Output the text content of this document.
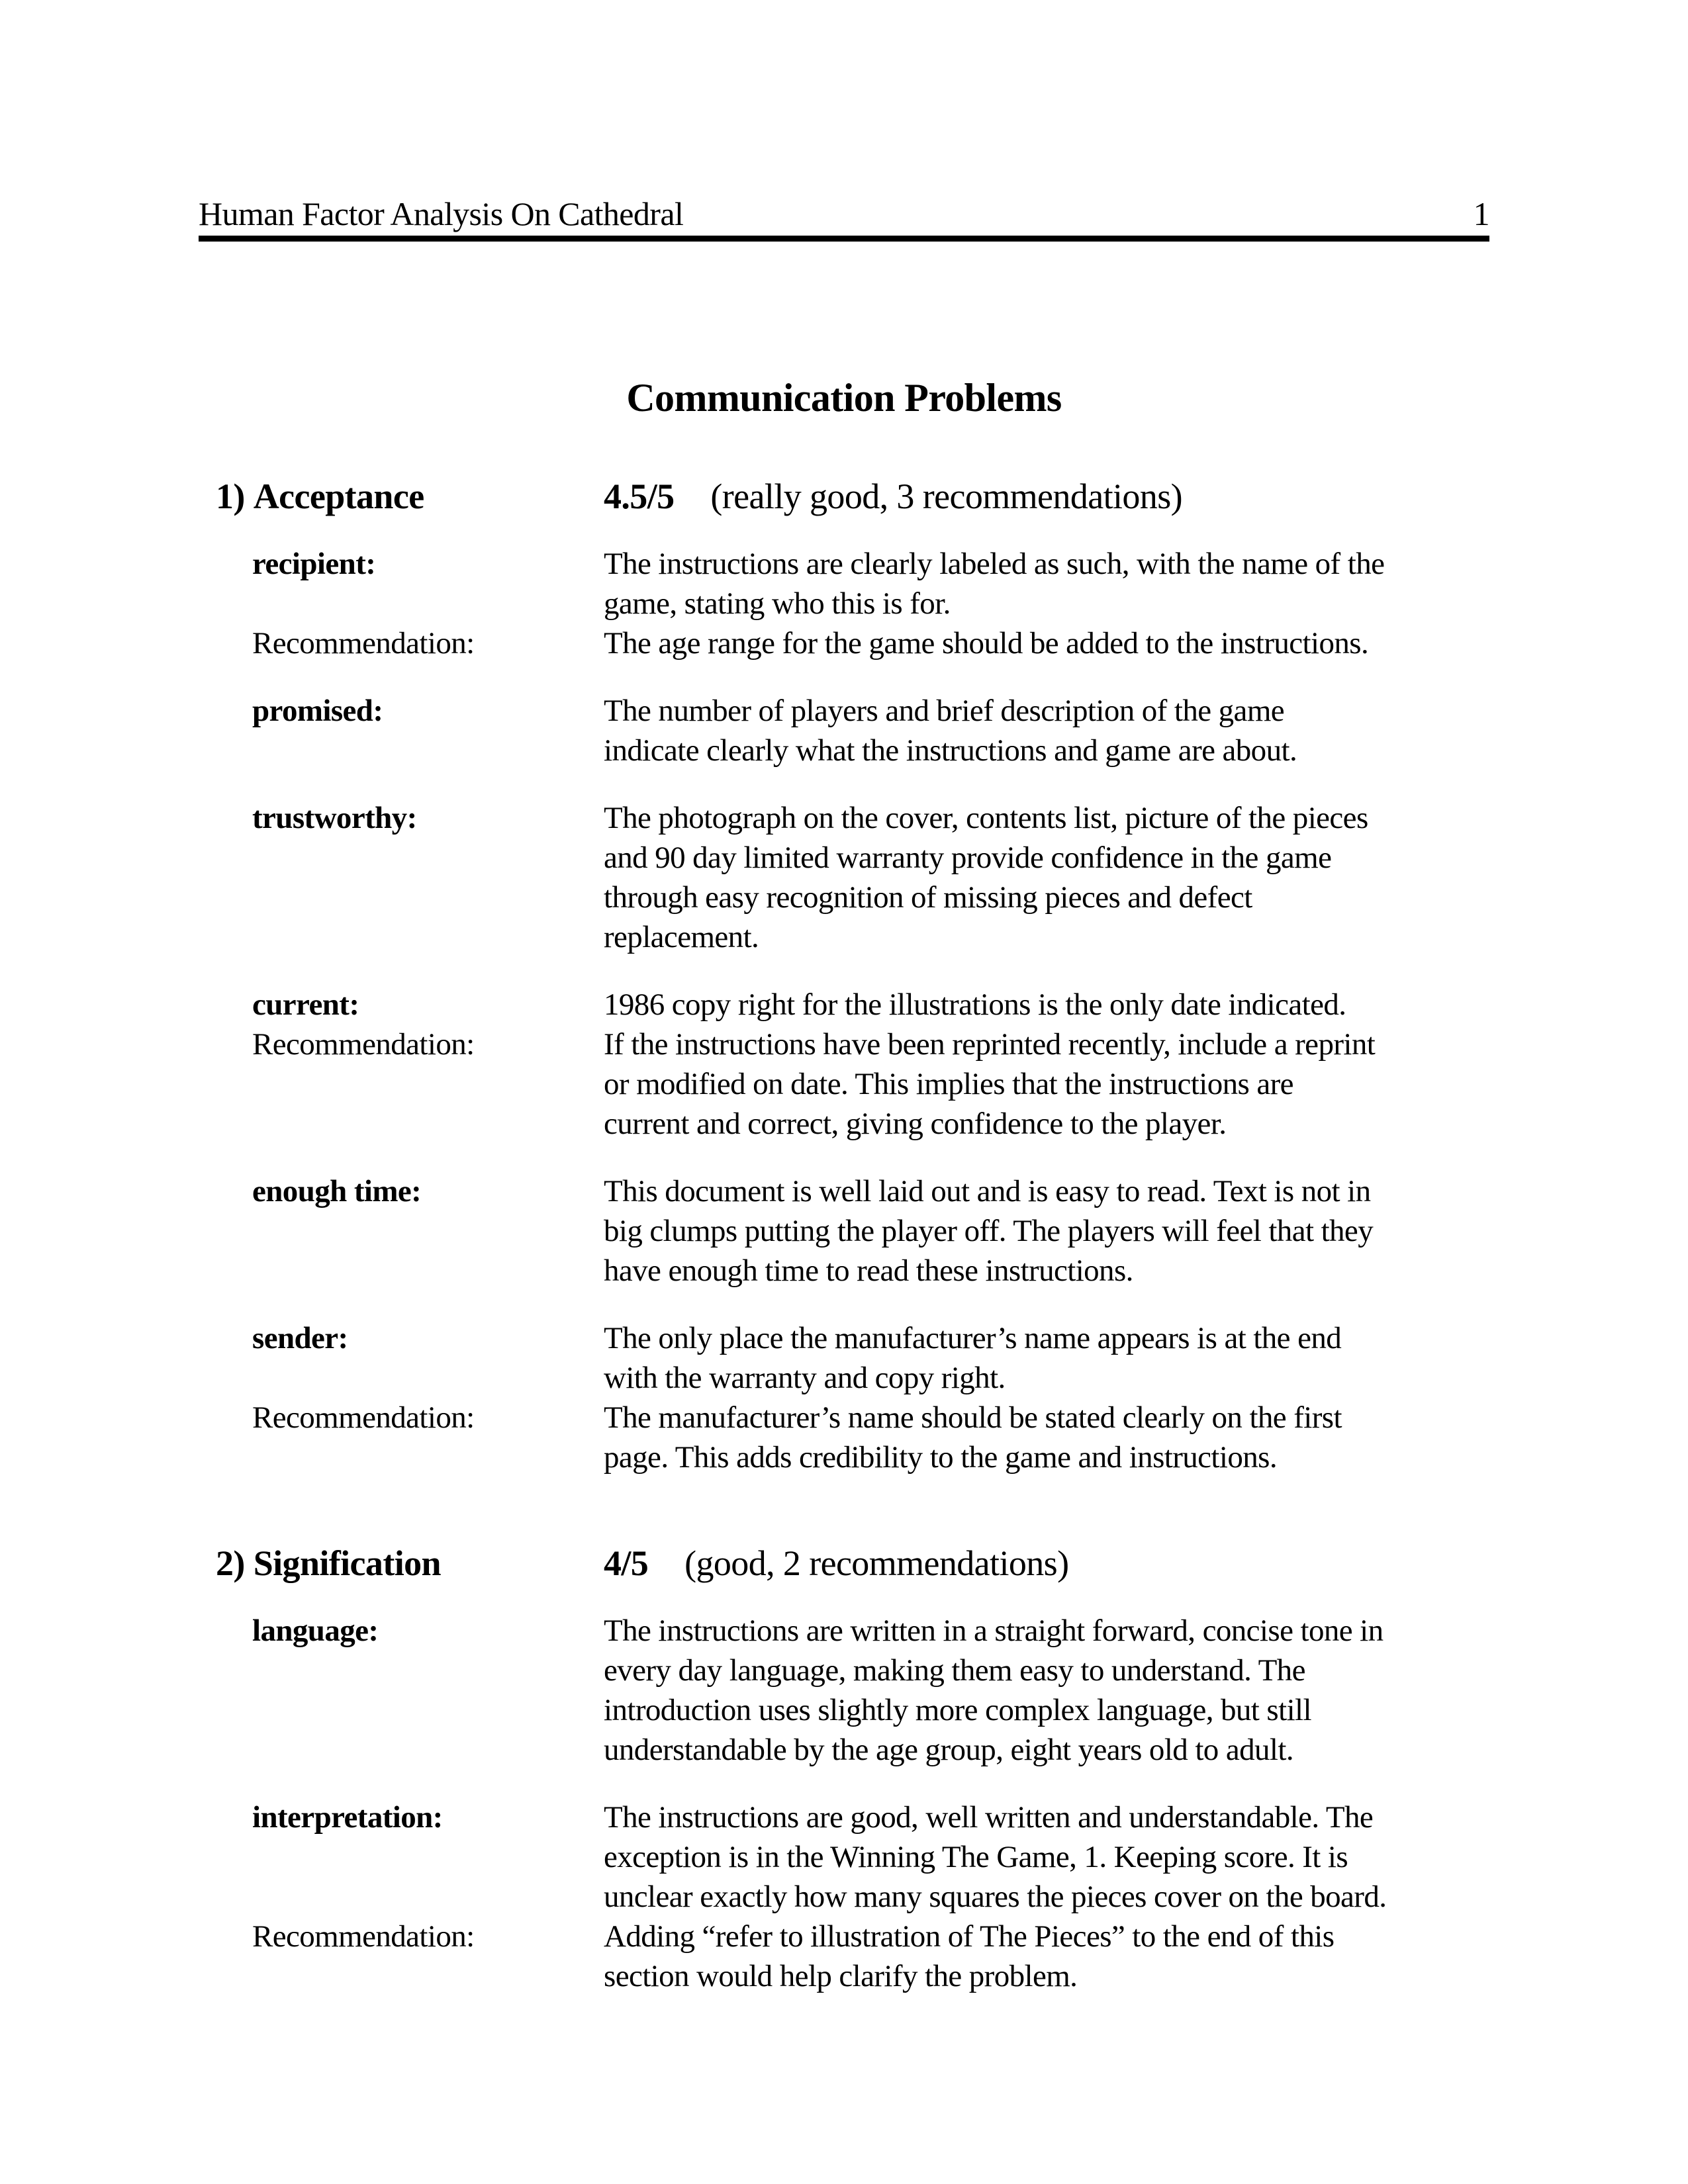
Human Factor Analysis On Cathedral	1
Communication Problems
1) Acceptance	4.5/5 (really good, 3 recommendations)
recipient:	The instructions are clearly labeled as such, with the name of the
game, stating who this is for.
Recommendation:	The age range for the game should be added to the instructions.
promised:	The number of players and brief description of the game
indicate clearly what the instructions and game are about.
trustworthy:	The photograph on the cover, contents list, picture of the pieces
and 90 day limited warranty provide confidence in the game
through easy recognition of missing pieces and defect
replacement.
current:	1986 copy right for the illustrations is the only date indicated.
Recommendation:	If the instructions have been reprinted recently, include a reprint
or modified on date. This implies that the instructions are
current and correct, giving confidence to the player.
enough time:	This document is well laid out and is easy to read. Text is not in
big clumps putting the player off. The players will feel that they
have enough time to read these instructions.
sender:	The only place the manufacturer’s name appears is at the end
with the warranty and copy right.
Recommendation:	The manufacturer’s name should be stated clearly on the first
page. This adds credibility to the game and instructions.
2) Signification	4/5 (good, 2 recommendations)
language:	The instructions are written in a straight forward, concise tone in
every day language, making them easy to understand. The
introduction uses slightly more complex language, but still
understandable by the age group, eight years old to adult.
interpretation:	The instructions are good, well written and understandable. The
exception is in the Winning The Game, 1. Keeping score. It is
unclear exactly how many squares the pieces cover on the board.
Recommendation:	Adding “refer to illustration of The Pieces” to the end of this
section would help clarify the problem.
